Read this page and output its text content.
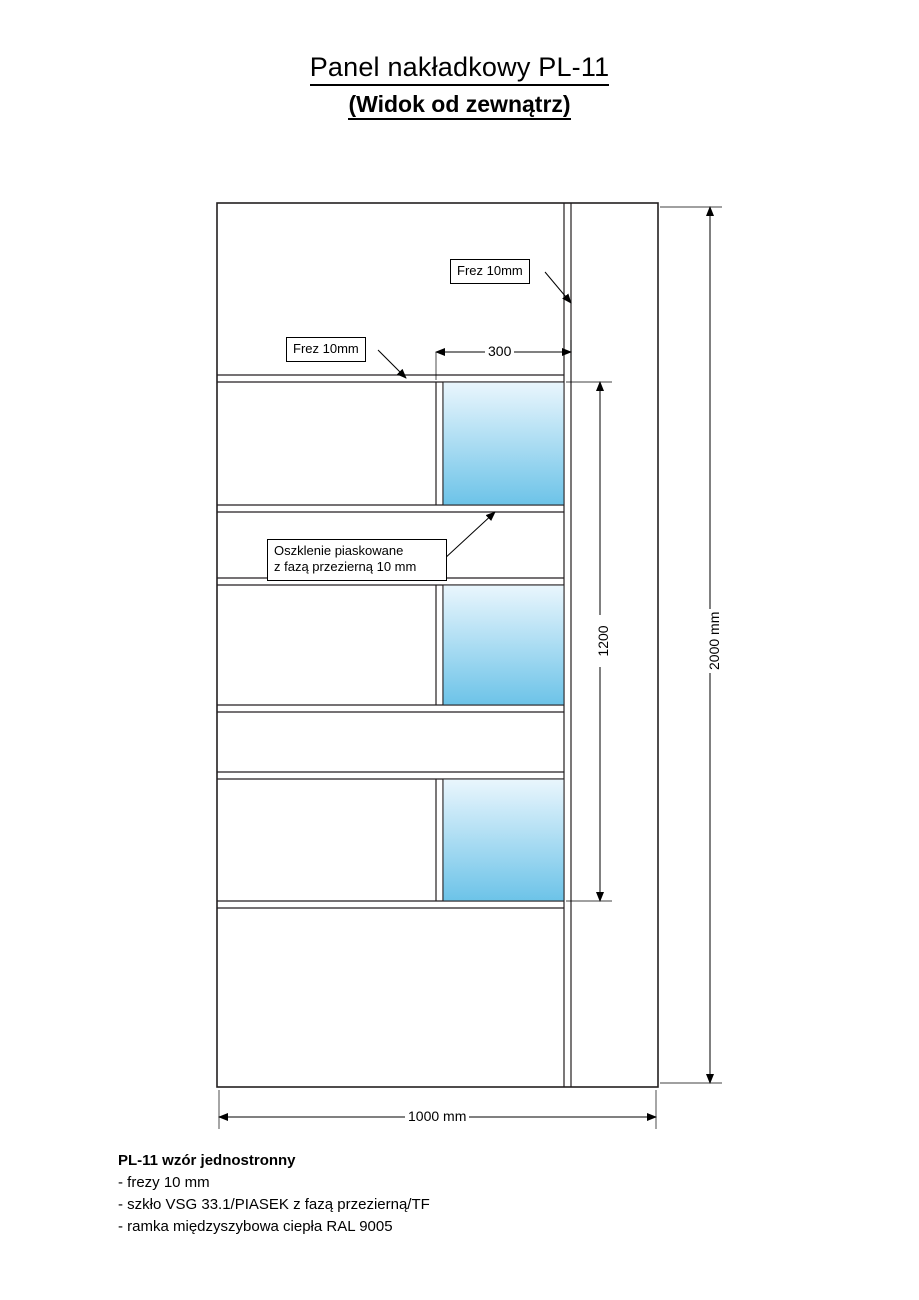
Panel nakładkowy PL-11
(Widok od zewnątrz)
Frez 10mm
Frez 10mm
Oszklenie piaskowane
z fazą przezierną 10 mm
300
1200	2000 mm
1000 mm
PL-11 wzór jednostronny
- frezy 10 mm
- szkło VSG 33.1/PIASEK z fazą przezierną/TF
- ramka międzyszybowa ciepła RAL 9005
